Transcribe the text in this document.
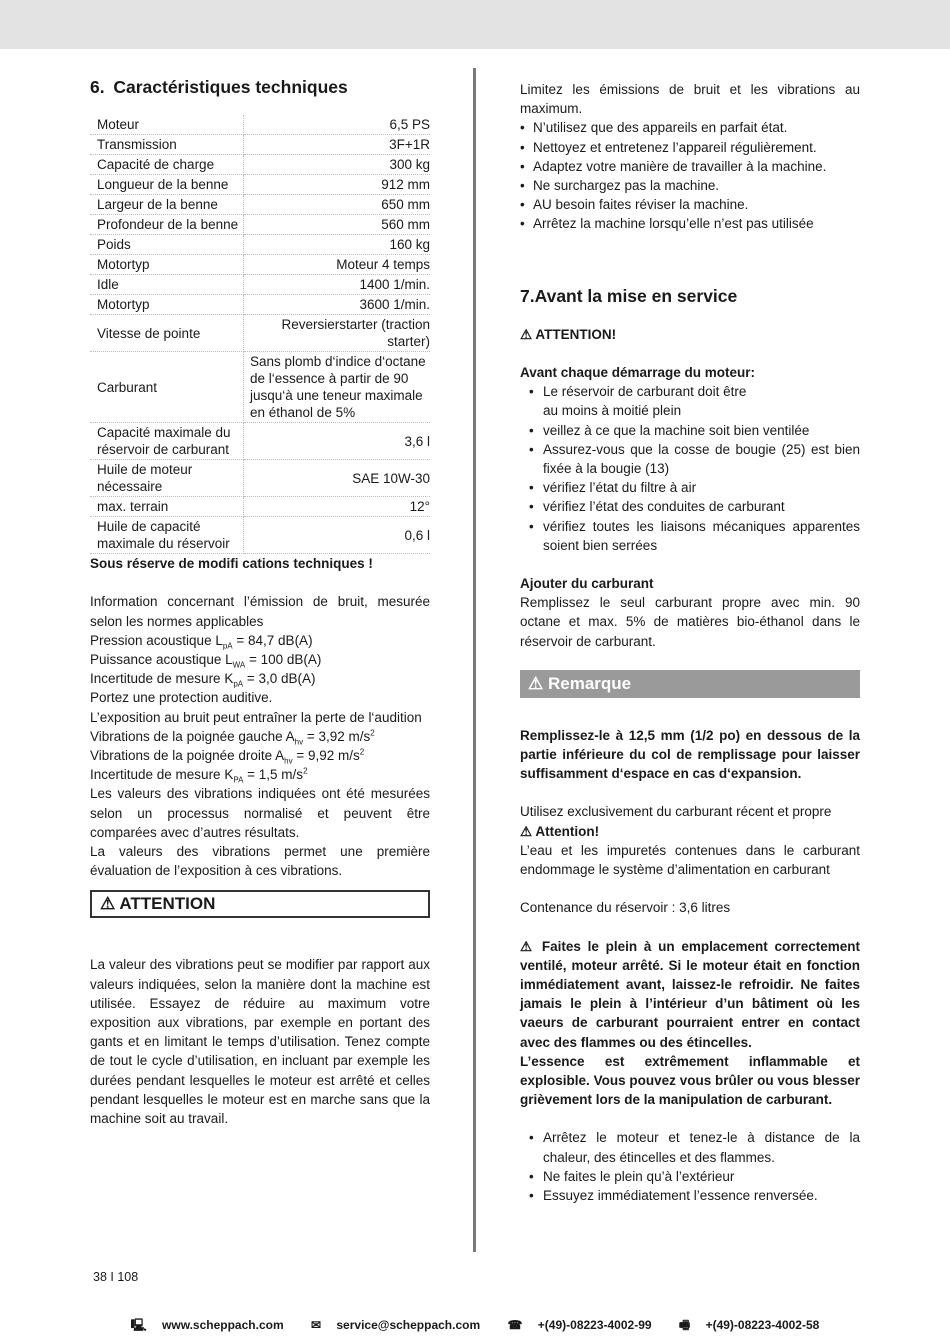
6. Caractéristiques techniques
Moteur	6,5 PS
Transmission	3F+1R
Capacité de charge	300 kg
Longueur de la benne	912 mm
Largeur de la benne	650 mm
Profondeur de la benne	560 mm
Poids	160 kg
Motortyp	Moteur 4 temps
Idle	1400 1/min.
Motortyp	3600 1/min.
Vitesse de pointe	Reversierstarter (traction starter)
Carburant	Sans plomb d‘indice d‘octane de l‘essence à partir de 90 jusqu‘à une teneur maximale en éthanol de 5%
Capacité maximale du réservoir de carburant	3,6 l
Huile de moteur nécessaire	SAE 10W-30
max. terrain	12°
Huile de capacité maximale du réservoir	0,6 l
Sous réserve de modifi cations techniques !
Information concernant l’émission de bruit, mesurée selon les normes applicables
Pression acoustique $L_{pA} = 84,7$ dB(A)
Puissance acoustique $L_{WA} = 100$ dB(A)
Incertitude de mesure $K_{pA} = 3,0$ dB(A)
Portez une protection auditive.
L’exposition au bruit peut entraîner la perte de l‘audition
Vibrations de la poignée gauche $A_{hv} = 3,92$ $m/s^2$
Vibrations de la poignée droite $A_{hv} = 9,92$ $m/s^2$
Incertitude de mesure $K_{PA} = 1,5$ $m/s^2$
Les valeurs des vibrations indiquées ont été mesurées selon un processus normalisé et peuvent être comparées avec d’autres résultats.
La valeurs des vibrations permet une première évaluation de l’exposition à ces vibrations.
⚠ ATTENTION
La valeur des vibrations peut se modifier par rapport aux valeurs indiquées, selon la manière dont la machine est utilisée. Essayez de réduire au maximum votre exposition aux vibrations, par exemple en portant des gants et en limitant le temps d’utilisation. Tenez compte de tout le cycle d’utilisation, en incluant par exemple les durées pendant lesquelles le moteur est arrêté et celles pendant lesquelles le moteur est en marche sans que la machine soit au travail.
Limitez les émissions de bruit et les vibrations au maximum.
• N’utilisez que des appareils en parfait état.
• Nettoyez et entretenez l’appareil régulièrement.
• Adaptez votre manière de travailler à la machine.
• Ne surchargez pas la machine.
• AU besoin faites réviser la machine.
• Arrêtez la machine lorsqu’elle n’est pas utilisée
7.Avant la mise en service
⚠ ATTENTION!
Avant chaque démarrage du moteur:
• Le réservoir de carburant doit être
au moins à moitié plein
• veillez à ce que la machine soit bien ventilée
• Assurez-vous que la cosse de bougie (25) est bien fixée à la bougie (13)
• vérifiez l’état du filtre à air
• vérifiez l’état des conduites de carburant
• vérifiez toutes les liaisons mécaniques apparentes soient bien serrées
Ajouter du carburant
Remplissez le seul carburant propre avec min. 90 octane et max. 5% de matières bio-éthanol dans le réservoir de carburant.
⚠ Remarque
Remplissez-le à 12,5 mm (1/2 po) en dessous de la partie inférieure du col de remplissage pour laisser suffisamment d‘espace en cas d‘expansion.
Utilisez exclusivement du carburant récent et propre
⚠ Attention!
L’eau et les impuretés contenues dans le carburant endommage le système d’alimentation en carburant
Contenance du réservoir : 3,6 litres
⚠ Faites le plein à un emplacement correctement ventilé, moteur arrêté. Si le moteur était en fonction immédiatement avant, laissez-le refroidir. Ne faites jamais le plein à l’intérieur d’un bâtiment où les vaeurs de carburant pourraient entrer en contact avec des flammes ou des étincelles.
L’essence est extrêmement inflammable et explosible. Vous pouvez vous brûler ou vous blesser grièvement lors de la manipulation de carburant.
• Arrêtez le moteur et tenez-le à distance de la chaleur, des étincelles et des flammes.
• Ne faites le plein qu’à l’extérieur
• Essuyez immédiatement l’essence renversée.
38 I 108
🖳 www.scheppach.com ✉ service@scheppach.com ☎ +(49)-08223-4002-99 🖷 +(49)-08223-4002-58
